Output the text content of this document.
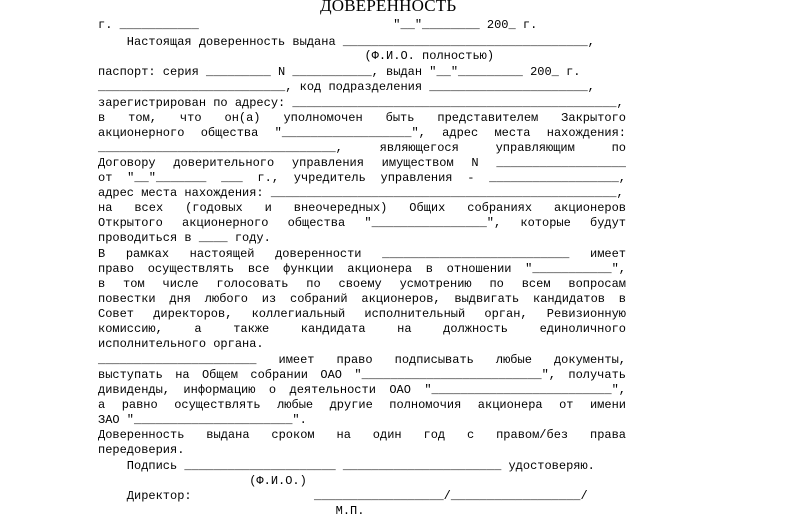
ДОВЕРЕННОСТЬ
г. ___________                           "__"________ 200_ г.
Настоящая доверенность выдана __________________________________,
(Ф.И.О. полностью)
паспорт: серия _________ N ___________, выдан "__"_________ 200_ г.
__________________________, код подразделения ______________________,
зарегистрирован по адресу: _____________________________________________,
в том, что он(а) уполномочен быть представителем Закрытого
акционерного общества "__________________", адрес места нахождения:
_________________________________, являющегося управляющим по
Договору доверительного управления имуществом N __________________
от "__"_______ ___ г., учредитель управления - __________________,
адрес места нахождения: ________________________________________________,
на всех (годовых и внеочередных) Общих собраниях акционеров
Открытого акционерного общества "________________", которые будут
проводиться в ____ году.
В рамках настоящей доверенности __________________________ имеет
право осуществлять все функции акционера в отношении "___________",
в том числе голосовать по своему усмотрению по всем вопросам
повестки дня любого из собраний акционеров, выдвигать кандидатов в
Совет директоров, коллегиальный исполнительный орган, Ревизионную
комиссию, а также кандидата на должность единоличного
исполнительного органа.
______________________ имеет право подписывать любые документы,
выступать на Общем собрании ОАО "_________________________", получать
дивиденды, информацию о деятельности ОАО "_________________________",
а равно осуществлять любые другие полномочия акционера от имени
ЗАО "______________________".
Доверенность выдана сроком на один год с правом/без права
передоверия.
Подпись _____________________ ______________________ удостоверяю.
(Ф.И.О.)
Директор:                 __________________/__________________/
М.П.
